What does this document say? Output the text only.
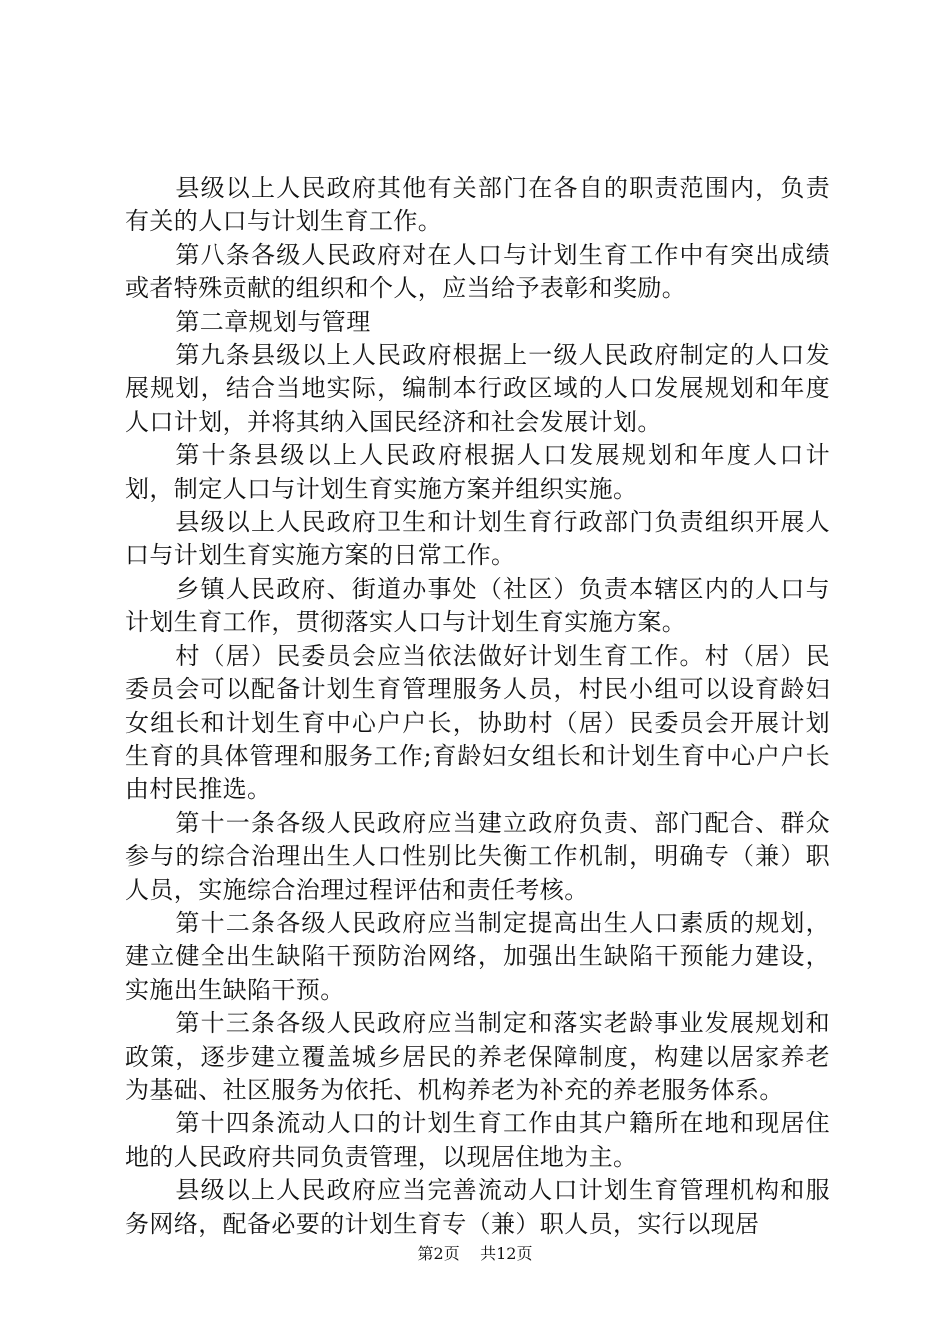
县级以上人民政府其他有关部门在各自的职责范围内，负责有关的人口与计划生育工作。

第八条各级人民政府对在人口与计划生育工作中有突出成绩或者特殊贡献的组织和个人，应当给予表彰和奖励。

第二章规划与管理

第九条县级以上人民政府根据上一级人民政府制定的人口发展规划，结合当地实际，编制本行政区域的人口发展规划和年度人口计划，并将其纳入国民经济和社会发展计划。

第十条县级以上人民政府根据人口发展规划和年度人口计划，制定人口与计划生育实施方案并组织实施。

县级以上人民政府卫生和计划生育行政部门负责组织开展人口与计划生育实施方案的日常工作。

乡镇人民政府、街道办事处（社区）负责本辖区内的人口与计划生育工作，贯彻落实人口与计划生育实施方案。

村（居）民委员会应当依法做好计划生育工作。村（居）民委员会可以配备计划生育管理服务人员，村民小组可以设育龄妇女组长和计划生育中心户户长，协助村（居）民委员会开展计划生育的具体管理和服务工作;育龄妇女组长和计划生育中心户户长由村民推选。

第十一条各级人民政府应当建立政府负责、部门配合、群众参与的综合治理出生人口性别比失衡工作机制，明确专（兼）职人员，实施综合治理过程评估和责任考核。

第十二条各级人民政府应当制定提高出生人口素质的规划，建立健全出生缺陷干预防治网络，加强出生缺陷干预能力建设，实施出生缺陷干预。

第十三条各级人民政府应当制定和落实老龄事业发展规划和政策，逐步建立覆盖城乡居民的养老保障制度，构建以居家养老为基础、社区服务为依托、机构养老为补充的养老服务体系。

第十四条流动人口的计划生育工作由其户籍所在地和现居住地的人民政府共同负责管理，以现居住地为主。

县级以上人民政府应当完善流动人口计划生育管理机构和服务网络，配备必要的计划生育专（兼）职人员，实行以现居

第2页 共12页
